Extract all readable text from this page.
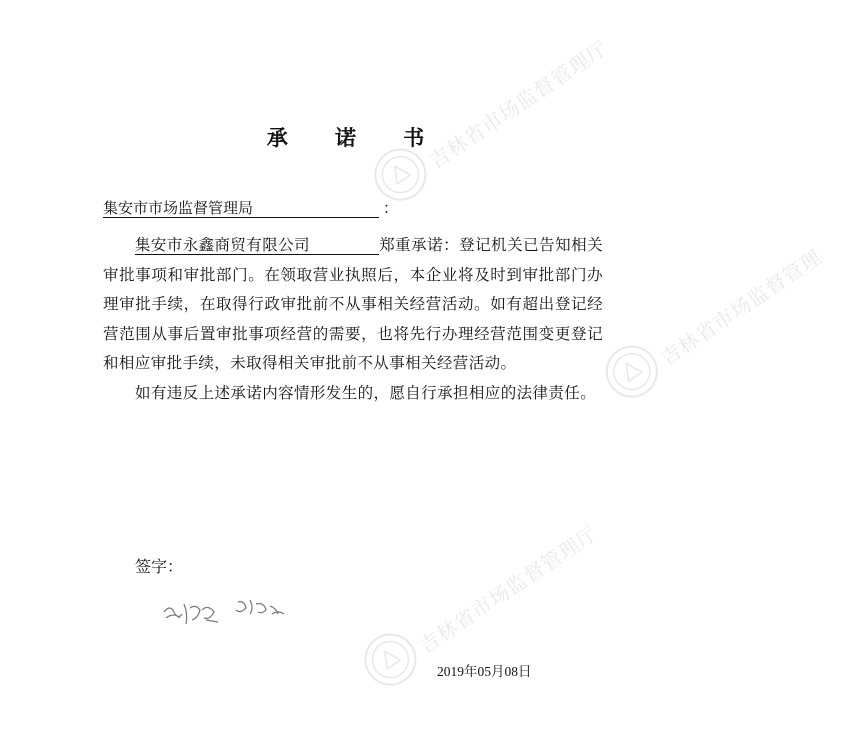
吉林省市场监督管理厅
吉林省市场监督管理
吉林省市场监督管理厅
承 诺 书
集安市市场监督管理局	：
集安市永鑫商贸有限公司	郑重承诺：登记机关已告知相关审批事项和审批部门。在领取营业执照后，本企业将及时到审批部门办理审批手续，在取得行政审批前不从事相关经营活动。如有超出登记经营范围从事后置审批事项经营的需要，也将先行办理经营范围变更登记和相应审批手续，未取得相关审批前不从事相关经营活动。
如有违反上述承诺内容情形发生的，愿自行承担相应的法律责任。
签字：
2019年05月08日
